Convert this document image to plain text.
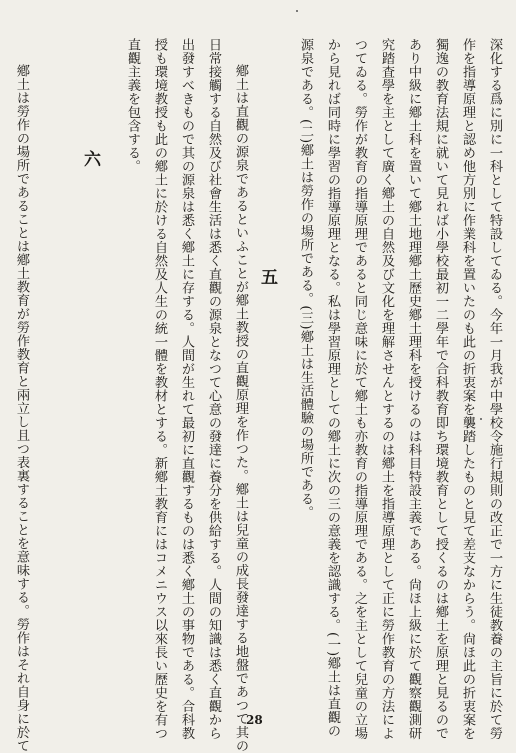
深化する爲に別に一科として特設してゐる。今年一月我が中學校令施行規則の改正で一方に生徒教養の主旨に於て勞
作を指導原理と認め他方別に作業科を置いたのも此の折衷案を襲踏したものと見て差支なからう。尙ほ此の折衷案を
獨逸の教育法規に就いて見れば小學校最初一二學年で合科教育即ち環境教育として授くるのは鄕土を原理と見るので
あり中級に鄕土科を置いて鄕土地理鄕土歷史鄕土理科を授けるのは科目特設主義である。尙ほ上級に於て觀察觀測研
究踏査學を主として廣く鄕土の自然及び文化を理解させんとするのは鄕土を指導原理として正に勞作教育の方法によ
つてゐる。勞作が教育の指導原理であると同じ意味に於て鄕土も亦教育の指導原理である。之を主として兒童の立場
から見れば同時に學習の指導原理となる。私は學習原理としての鄕土に次の三の意義を認識する。(一)鄕土は直觀の
源泉である。(二)鄕土は勞作の場所である。(三)鄕土は生活體驗の場所である。
五
鄕土は直觀の源泉であるといふことが鄕土教授の直觀原理を作つた。鄕土は兒童の成長發達する地盤であつて其の
日常接觸する自然及び社會生活は悉く直觀の源泉となつて心意の發達に養分を供給する。人間の知識は悉く直觀から
出發すべきもので其の源泉は悉く鄕土に存する。人間が生れて最初に直觀するものは悉く鄕土の事物である。合科教
授も環境教授も此の鄕土に於ける自然及人生の統一體を教材とする。新鄕土教育にはコメニウス以來長い歷史を有つ
直觀主義を包含する。
六
鄕土は勞作の場所であることは鄕土教育が勞作教育と兩立し且つ表裏することを意味する。勞作はそれ自身に於て	28
